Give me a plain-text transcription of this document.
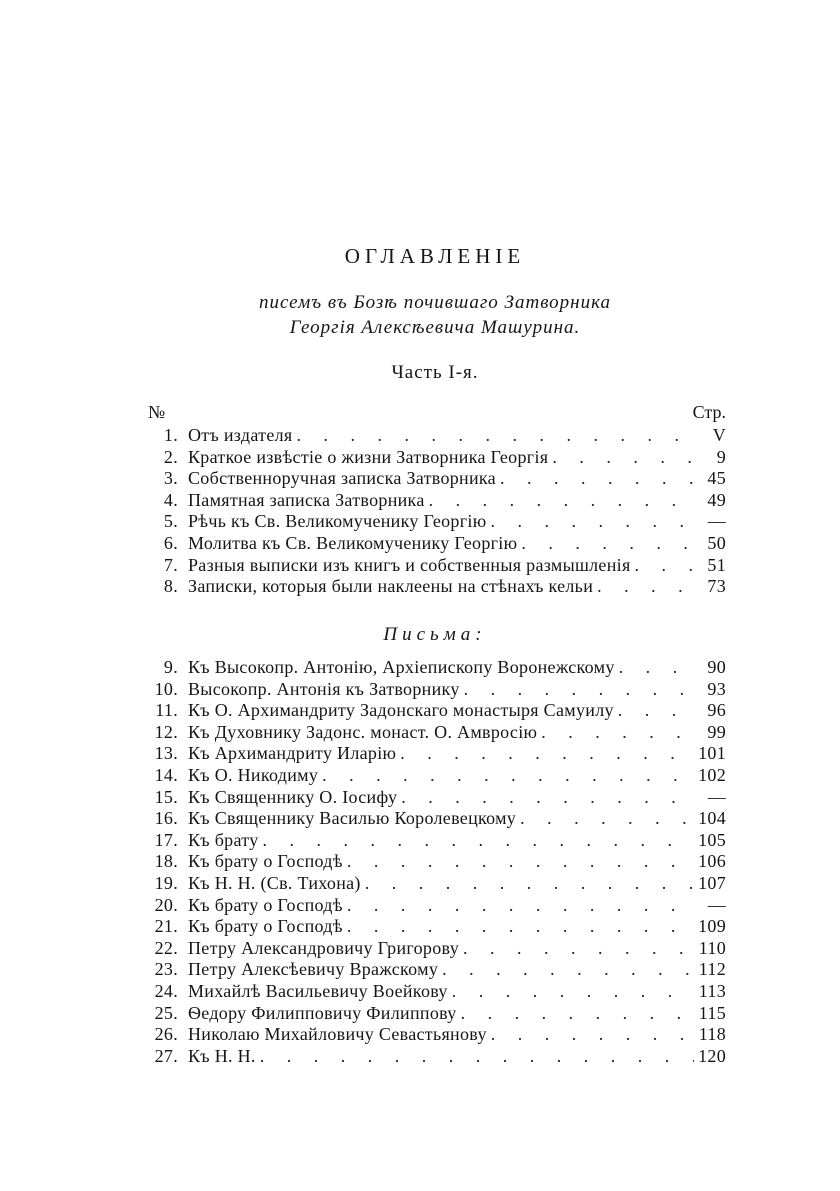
ОГЛАВЛЕНІЕ
писемъ въ Бозѣ почившаго Затворника
Георгія Алексѣевича Машурина.
Часть I-я.
№	Стр.
1. Отъ издателя . . .	V
2. Краткое извѣстіе о жизни Затворника Георгія . . .	9
3. Собственноручная записка Затворника . . .	45
4. Памятная записка Затворника . . .	49
5. Рѣчь къ Св. Великомученику Георгію . . .	—
6. Молитва къ Св. Великомученику Георгію . . .	50
7. Разныя выписки изъ книгъ и собственныя размышленія . . .	51
8. Записки, которыя были наклеены на стѣнахъ кельи . . .	73
Письма:
9. Къ Высокопр. Антонію, Архіепископу Воронежскому . . .	90
10. Высокопр. Антонія къ Затворнику . . .	93
11. Къ О. Архимандриту Задонскаго монастыря Самуилу . . .	96
12. Къ Духовнику Задонс. монаст. О. Амвросію . . .	99
13. Къ Архимандриту Иларію . . .	101
14. Къ О. Никодиму . . .	102
15. Къ Священнику О. Іосифу . . .	—
16. Къ Священнику Василью Королевецкому . . .	104
17. Къ брату . . .	105
18. Къ брату о Господѣ . . .	106
19. Къ Н. Н. (Св. Тихона) . . .	107
20. Къ брату о Господѣ . . .	—
21. Къ брату о Господѣ . . .	109
22. Петру Александровичу Григорову . . .	110
23. Петру Алексѣевичу Вражскому . . .	112
24. Михайлѣ Васильевичу Воейкову . . .	113
25. Ѳедору Филипповичу Филиппову . . .	115
26. Николаю Михайловичу Севастьянову . . .	118
27. Къ Н. Н. . . .	120
